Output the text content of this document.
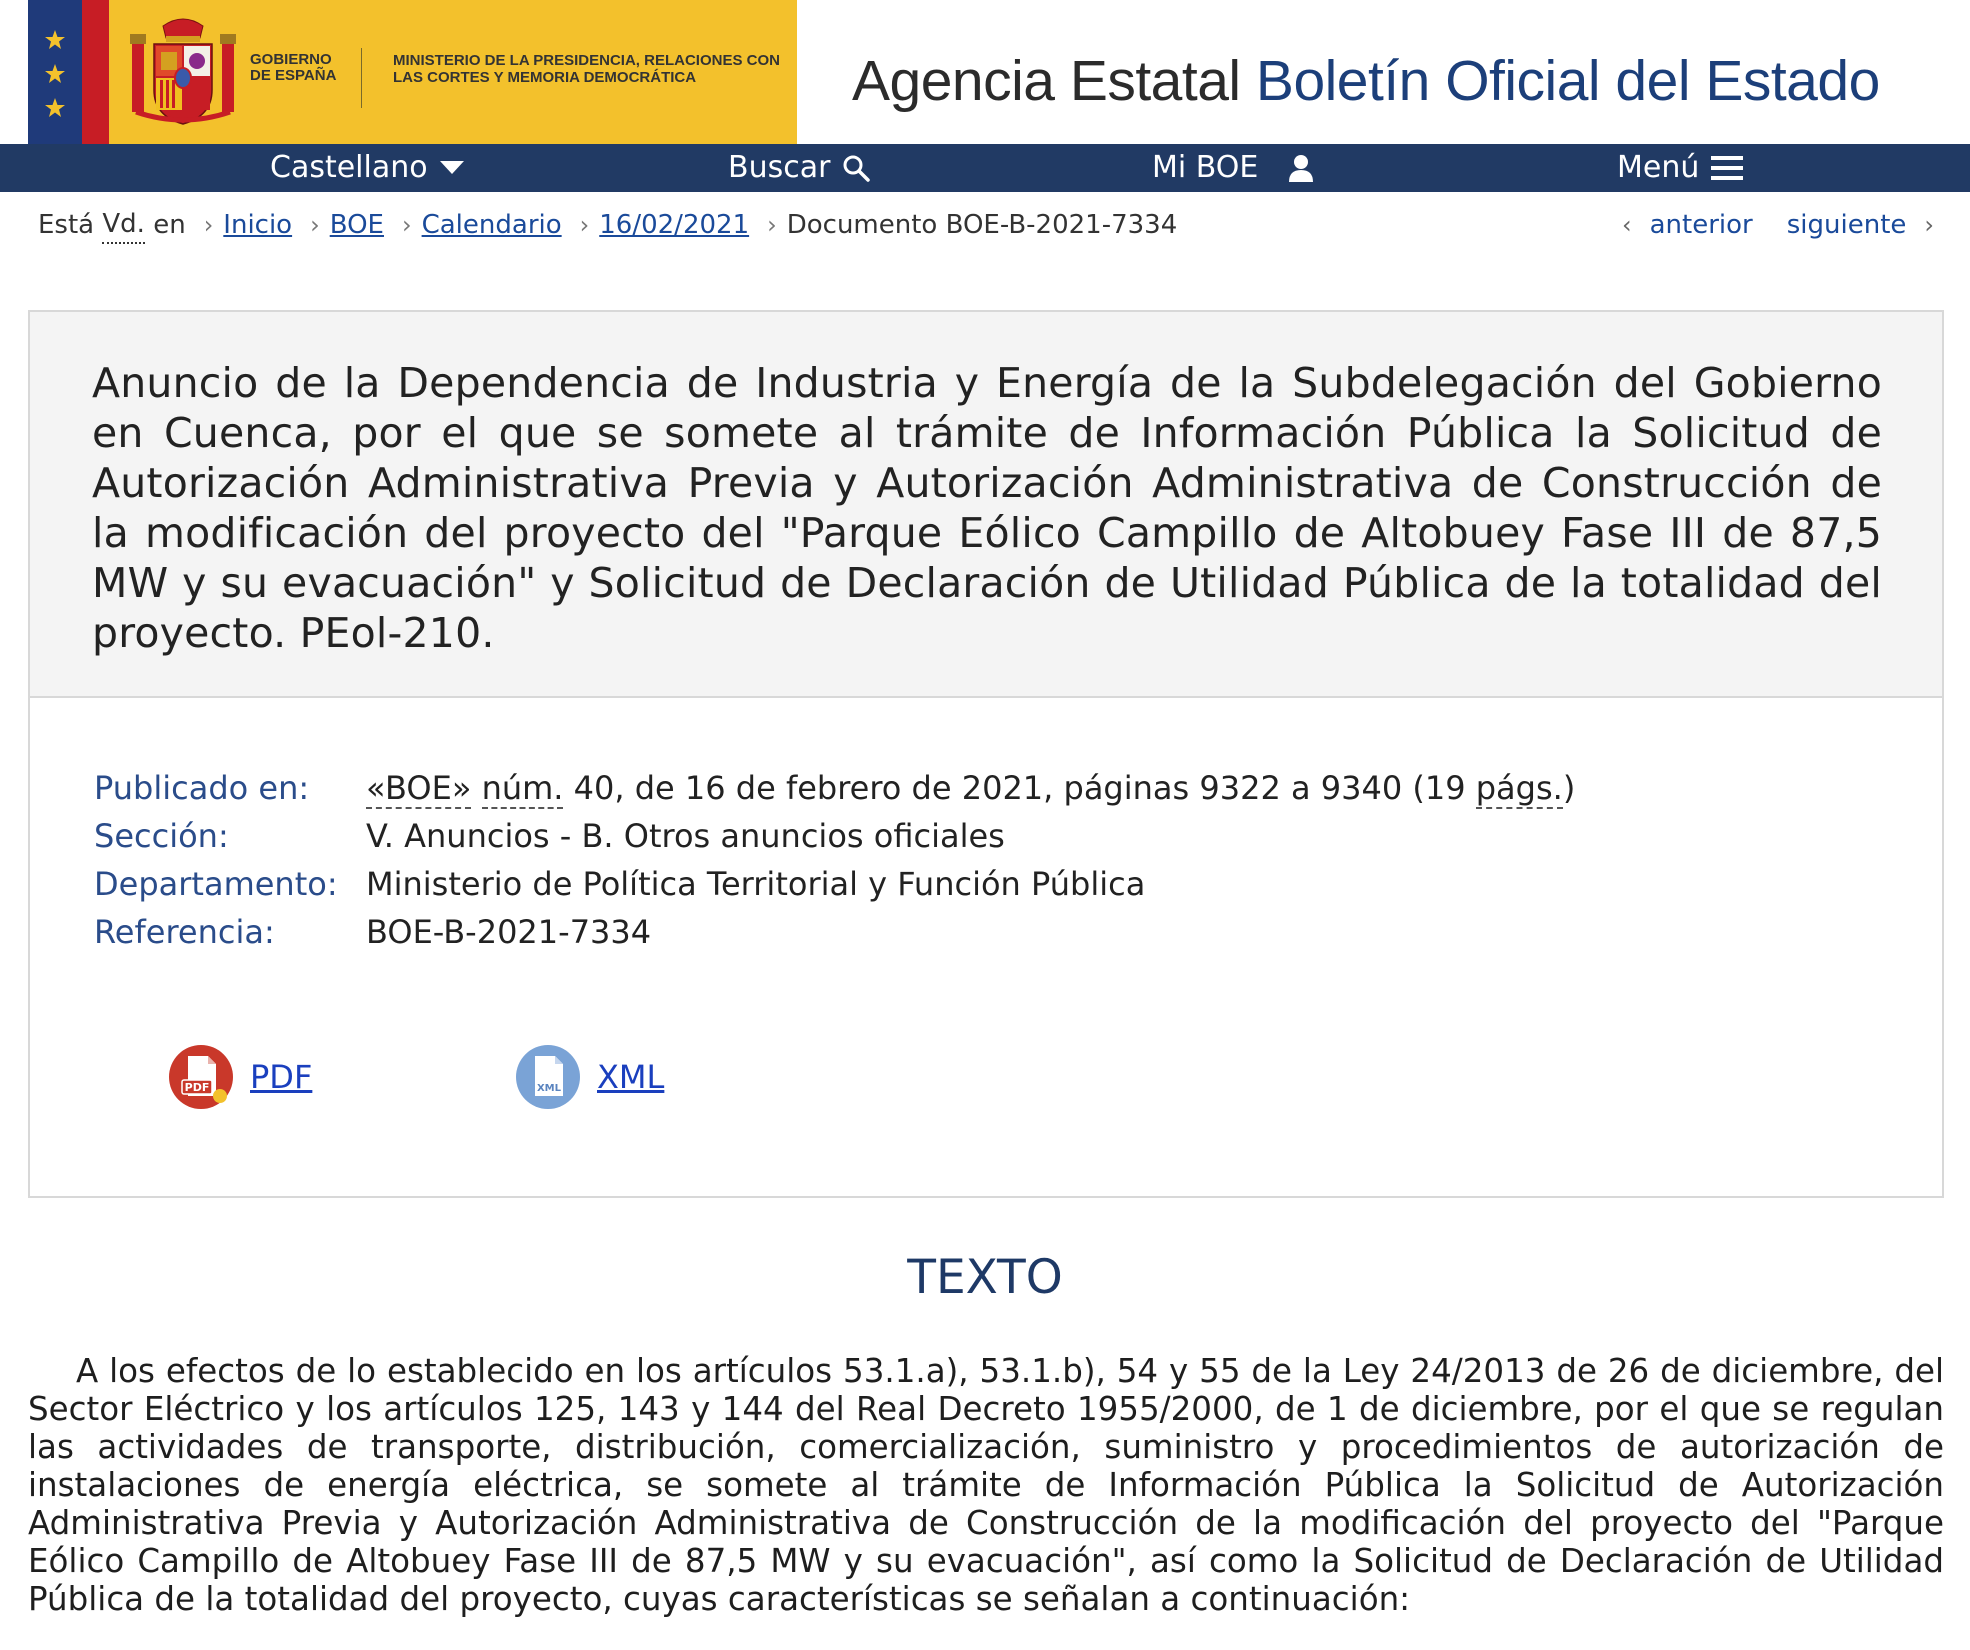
GOBIERNO DE ESPAÑA
MINISTERIO DE LA PRESIDENCIA, RELACIONES CON LAS CORTES Y MEMORIA DEMOCRÁTICA	Agencia Estatal Boletín Oficial del Estado
Castellano	Buscar	Mi BOE	Menú
Está
Vd.
en › Inicio › BOE › Calendario › 16/02/2021 › Documento BOE-B-2021-7334	‹ anterior siguiente ›
Anuncio de la Dependencia de Industria y Energía de la Subdelegación del Gobierno en Cuenca, por el que se somete al trámite de Información Pública la Solicitud de Autorización Administrativa Previa y Autorización Administrativa de Construcción de la modificación del proyecto del "Parque Eólico Campillo de Altobuey Fase III de 87,5 MW y su evacuación" y Solicitud de Declaración de Utilidad Pública de la totalidad del proyecto. PEol-210.
Publicado en:	«BOE» núm. 40, de 16 de febrero de 2021, páginas 9322 a 9340 (19 págs.)
Sección:	V. Anuncios - B. Otros anuncios oficiales
Departamento: Ministerio de Política Territorial y Función Pública
Referencia:	BOE-B-2021-7334
PDF PDF	XML XML
TEXTO

A los efectos de lo establecido en los artículos 53.1.a), 53.1.b), 54 y 55 de la Ley 24/2013 de 26 de diciembre, del Sector Eléctrico y los artículos 125, 143 y 144 del Real Decreto 1955/2000, de 1 de diciembre, por el que se regulan las actividades de transporte, distribución, comercialización, suministro y procedimientos de autorización de instalaciones de energía eléctrica, se somete al trámite de Información Pública la Solicitud de Autorización Administrativa Previa y Autorización Administrativa de Construcción de la modificación del proyecto del "Parque Eólico Campillo de Altobuey Fase III de 87,5 MW y su evacuación", así como la Solicitud de Declaración de Utilidad Pública de la totalidad del proyecto, cuyas características se señalan a continuación:
